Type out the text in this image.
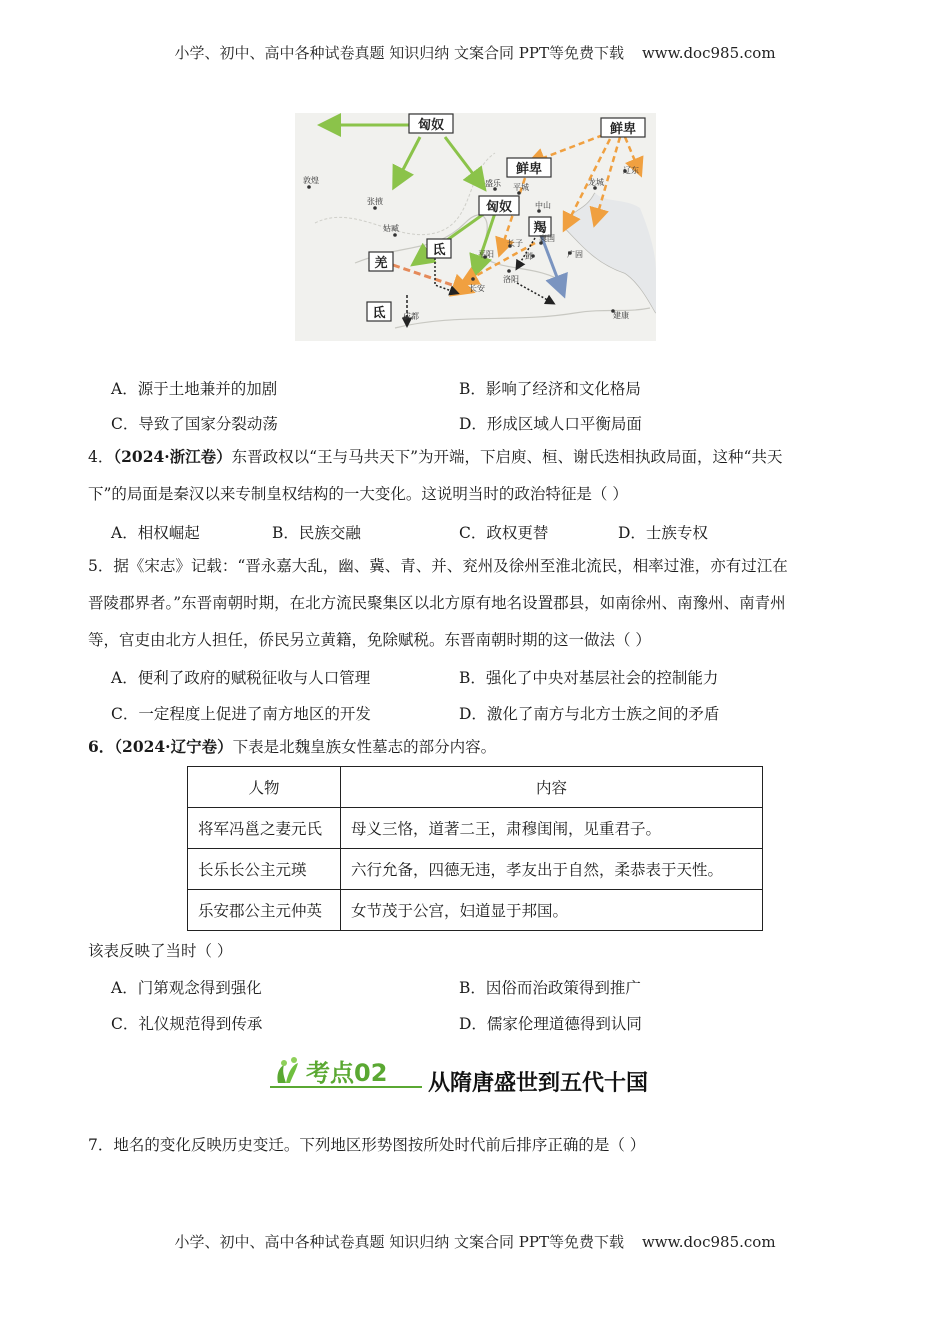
小学、初中、高中各种试卷真题 知识归纳 文案合同 PPT等免费下载 www.doc985.com
匈奴	鲜卑
鲜卑
匈奴
羯
氐
羌
氐
敦煌
张掖
姑臧
盛乐 平城
中山
龙城
辽东
襄国
长子
邺	广固
平阳
洛阳
长安
成都	建康
A．源于土地兼并的加剧	B．影响了经济和文化格局
C．导致了国家分裂动荡	D．形成区域人口平衡局面
4．（2024·浙江卷）东晋政权以“王与马共天下”为开端，下启庾、桓、谢氏迭相执政局面，这种“共天
下”的局面是秦汉以来专制皇权结构的一大变化。这说明当时的政治特征是（ ）
A．相权崛起	B．民族交融	C．政权更替	D．士族专权
5．据《宋志》记载：“晋永嘉大乱，幽、冀、青、并、兖州及徐州至淮北流民，相率过淮，亦有过江在
晋陵郡界者。”东晋南朝时期，在北方流民聚集区以北方原有地名设置郡县，如南徐州、南豫州、南青州
等，官吏由北方人担任，侨民另立黄籍，免除赋税。东晋南朝时期的这一做法（ ）
A．便利了政府的赋税征收与人口管理	B．强化了中央对基层社会的控制能力
C．一定程度上促进了南方地区的开发	D．激化了南方与北方士族之间的矛盾
6．（2024·辽宁卷）下表是北魏皇族女性墓志的部分内容。
人物	内容
将军冯邕之妻元氏	母义三恪，道著二王，肃穆闺闱，见重君子。
长乐长公主元瑛	六行允备，四德无违，孝友出于自然，柔恭表于天性。
乐安郡公主元仲英	女节茂于公宫，妇道显于邦国。
该表反映了当时（ ）
A．门第观念得到强化	B．因俗而治政策得到推广
C．礼仪规范得到传承	D．儒家伦理道德得到认同
考点02 从隋唐盛世到五代十国
7．地名的变化反映历史变迁。下列地区形势图按所处时代前后排序正确的是（ ）
小学、初中、高中各种试卷真题 知识归纳 文案合同 PPT等免费下载 www.doc985.com
